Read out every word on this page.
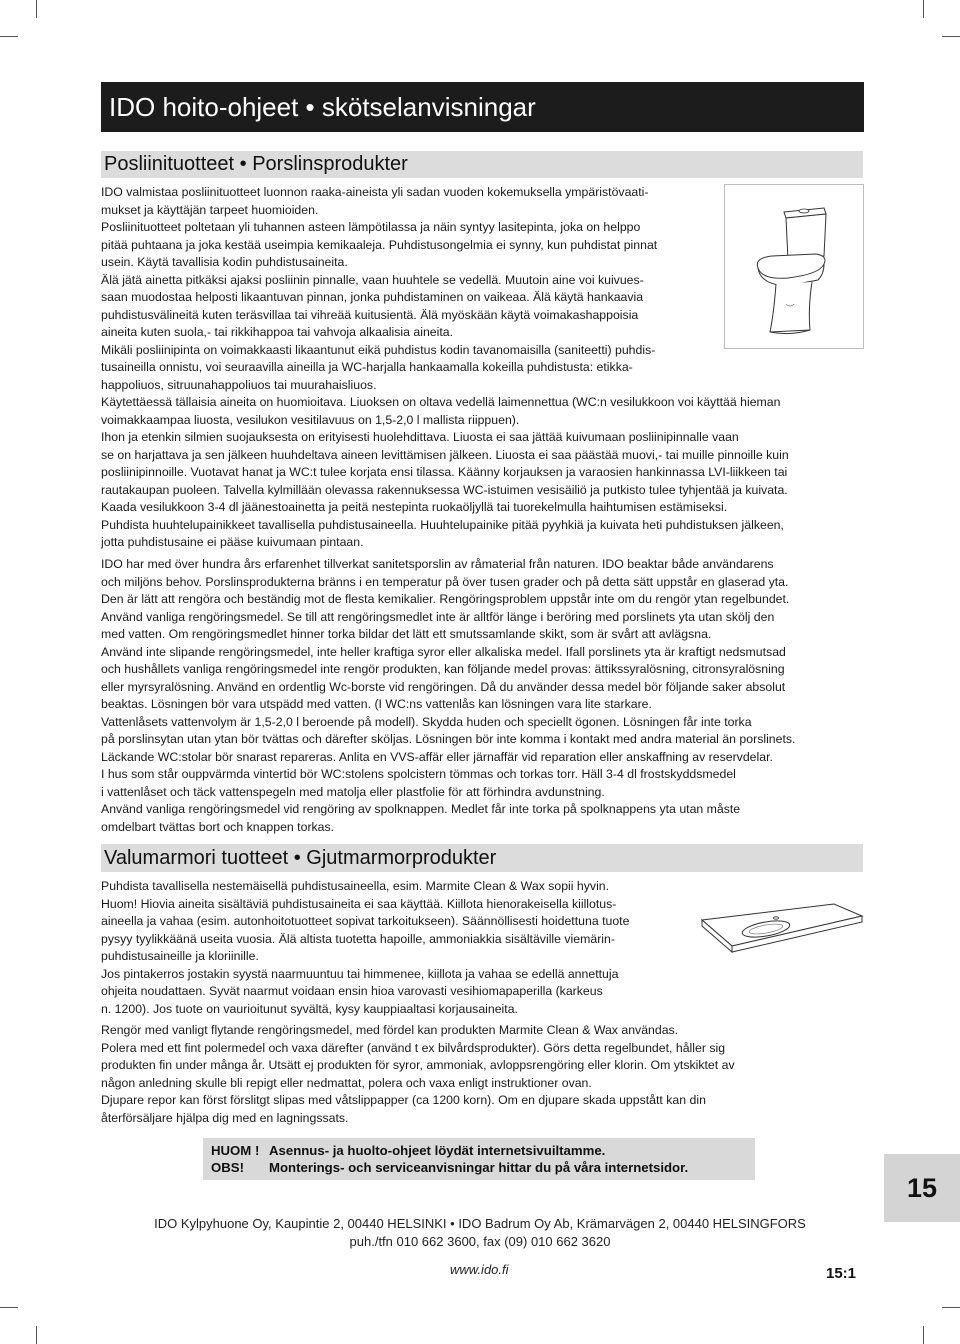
IDO hoito-ohjeet • skötselanvisningar
Posliinituotteet • Porslinsprodukter
IDO valmistaa posliinituotteet luonnon raaka-aineista yli sadan vuoden kokemuksella ympäristövaati-
mukset ja käyttäjän tarpeet huomioiden.
Posliinituotteet poltetaan yli tuhannen asteen lämpötilassa ja näin syntyy lasitepinta, joka on helppo
pitää puhtaana ja joka kestää useimpia kemikaaleja. Puhdistusongelmia ei synny, kun puhdistat pinnat
usein. Käytä tavallisia kodin puhdistusaineita.
Älä jätä ainetta pitkäksi ajaksi posliinin pinnalle, vaan huuhtele se vedellä. Muutoin aine voi kuivues-
saan muodostaa helposti likaantuvan pinnan, jonka puhdistaminen on vaikeaa. Älä käytä hankaavia
puhdistusvälineitä kuten teräsvillaa tai vihreää kuitusientä. Älä myöskään käytä voimakashappoisia
aineita kuten suola,- tai rikkihappoa tai vahvoja alkaalisia aineita.
Mikäli posliinipinta on voimakkaasti likaantunut eikä puhdistus kodin tavanomaisilla (saniteetti) puhdis-
tusaineilla onnistu, voi seuraavilla aineilla ja WC-harjalla hankaamalla kokeilla puhdistusta: etikka-
happoliuos, sitruunahappoliuos tai muurahaisliuos.
Käytettäessä tällaisia aineita on huomioitava. Liuoksen on oltava vedellä laimennettua (WC:n vesilukkoon voi käyttää hieman
voimakkaampaa liuosta, vesilukon vesitilavuus on 1,5-2,0 l mallista riippuen).
Ihon ja etenkin silmien suojauksesta on erityisesti huolehdittava. Liuosta ei saa jättää kuivumaan posliinipinnalle vaan
se on harjattava ja sen jälkeen huuhdeltava aineen levittämisen jälkeen. Liuosta ei saa päästää muovi,- tai muille pinnoille kuin
posliinipinnoille. Vuotavat hanat ja WC:t tulee korjata ensi tilassa. Käänny korjauksen ja varaosien hankinnassa LVI-liikkeen tai
rautakaupan puoleen. Talvella kylmillään olevassa rakennuksessa WC-istuimen vesisäiliö ja putkisto tulee tyhjentää ja kuivata.
Kaada vesilukkoon 3-4 dl jäänestoainetta ja peitä nestepinta ruokaöljyllä tai tuorekelmulla haihtumisen estämiseksi.
Puhdista huuhtelupainikkeet tavallisella puhdistusaineella. Huuhtelupainike pitää pyyhkiä ja kuivata heti puhdistuksen jälkeen,
jotta puhdistusaine ei pääse kuivumaan pintaan.
IDO har med över hundra års erfarenhet tillverkat sanitetsporslin av råmaterial från naturen. IDO beaktar både användarens
och miljöns behov. Porslinsprodukterna bränns i en temperatur på över tusen grader och på detta sätt uppstår en glaserad yta.
Den är lätt att rengöra och beständig mot de flesta kemikalier. Rengöringsproblem uppstår inte om du rengör ytan regelbundet.
Använd vanliga rengöringsmedel. Se till att rengöringsmedlet inte är alltför länge i beröring med porslinets yta utan skölj den
med vatten. Om rengöringsmedlet hinner torka bildar det lätt ett smutssamlande skikt, som är svårt att avlägsna.
Använd inte slipande rengöringsmedel, inte heller kraftiga syror eller alkaliska medel. Ifall porslinets yta är kraftigt nedsmutsad
och hushållets vanliga rengöringsmedel inte rengör produkten, kan följande medel provas: ättikssyralösning, citronsyralösning
eller myrsyralösning. Använd en ordentlig Wc-borste vid rengöringen. Då du använder dessa medel bör följande saker absolut
beaktas. Lösningen bör vara utspädd med vatten. (I WC:ns vattenlås kan lösningen vara lite starkare.
Vattenlåsets vattenvolym är 1,5-2,0 l beroende på modell). Skydda huden och speciellt ögonen. Lösningen får inte torka
på porslinsytan utan ytan bör tvättas och därefter sköljas. Lösningen bör inte komma i kontakt med andra material än porslinets.
Läckande WC:stolar bör snarast repareras. Anlita en VVS-affär eller järnaffär vid reparation eller anskaffning av reservdelar.
I hus som står ouppvärmda vintertid bör WC:stolens spolcistern tömmas och torkas torr. Häll 3-4 dl frostskyddsmedel
i vattenlåset och täck vattenspegeln med matolja eller plastfolie för att förhindra avdunstning.
Använd vanliga rengöringsmedel vid rengöring av spolknappen. Medlet får inte torka på spolknappens yta utan måste
omdelbart tvättas bort och knappen torkas.
Valumarmori tuotteet • Gjutmarmorprodukter
Puhdista tavallisella nestemäisellä puhdistusaineella, esim. Marmite Clean & Wax sopii hyvin.
Huom! Hiovia aineita sisältäviä puhdistusaineita ei saa käyttää. Kiillota hienorakeisella kiillotus-
aineella ja vahaa (esim. autonhoitotuotteet sopivat tarkoitukseen). Säännöllisesti hoidettuna tuote
pysyy tyylikkäänä useita vuosia. Älä altista tuotetta hapoille, ammoniakkia sisältäville viemärin-
puhdistusaineille ja kloriinille.
Jos pintakerros jostakin syystä naarmuuntuu tai himmenee, kiillota ja vahaa se edellä annettuja
ohjeita noudattaen. Syvät naarmut voidaan ensin hioa varovasti vesihiomapaperilla (karkeus
n. 1200). Jos tuote on vaurioitunut syvältä, kysy kauppiaaltasi korjausaineita.
Rengör med vanligt flytande rengöringsmedel, med fördel kan produkten Marmite Clean & Wax användas.
Polera med ett fint polermedel och vaxa därefter (använd t ex bilvårdsprodukter). Görs detta regelbundet, håller sig
produkten fin under många år. Utsätt ej produkten för syror, ammoniak, avloppsrengöring eller klorin. Om ytskiktet av
någon anledning skulle bli repigt eller nedmattat, polera och vaxa enligt instruktioner ovan.
Djupare repor kan först förslitgt slipas med våtslippapper (ca 1200 korn). Om en djupare skada uppstått kan din
återförsäljare hjälpa dig med en lagningssats.
HUOM ! Asennus- ja huolto-ohjeet löydät internetsivuiltamme.
OBS! Monterings- och serviceanvisningar hittar du på våra internetsidor.
15
IDO Kylpyhuone Oy, Kaupintie 2, 00440 HELSINKI • IDO Badrum Oy Ab, Krämarvägen 2, 00440 HELSINGFORS
puh./tfn 010 662 3600, fax (09) 010 662 3620
www.ido.fi	15:1
